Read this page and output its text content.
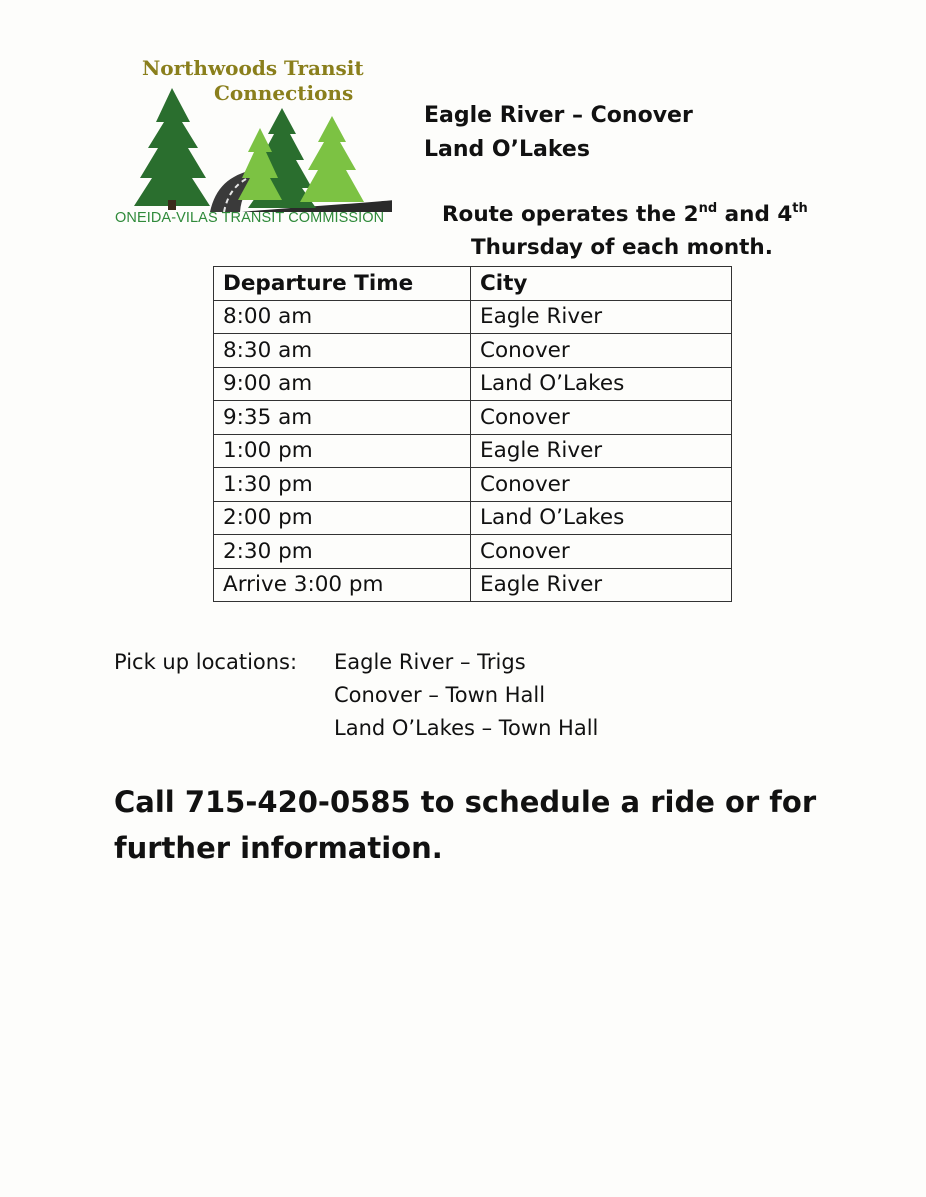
Northwoods Transit
Connections
ONEIDA-VILAS TRANSIT COMMISSION
Eagle River – Conover
Land O’Lakes
Route operates the 2nd and 4th
Thursday of each month.
Departure Time	City
8:00 am	Eagle River
8:30 am	Conover
9:00 am	Land O’Lakes
9:35 am	Conover
1:00 pm	Eagle River
1:30 pm	Conover
2:00 pm	Land O’Lakes
2:30 pm	Conover
Arrive 3:00 pm	Eagle River
Pick up locations: Eagle River – Trigs
Conover – Town Hall
Land O’Lakes – Town Hall
Call 715-420-0585 to schedule a ride or for further information.
